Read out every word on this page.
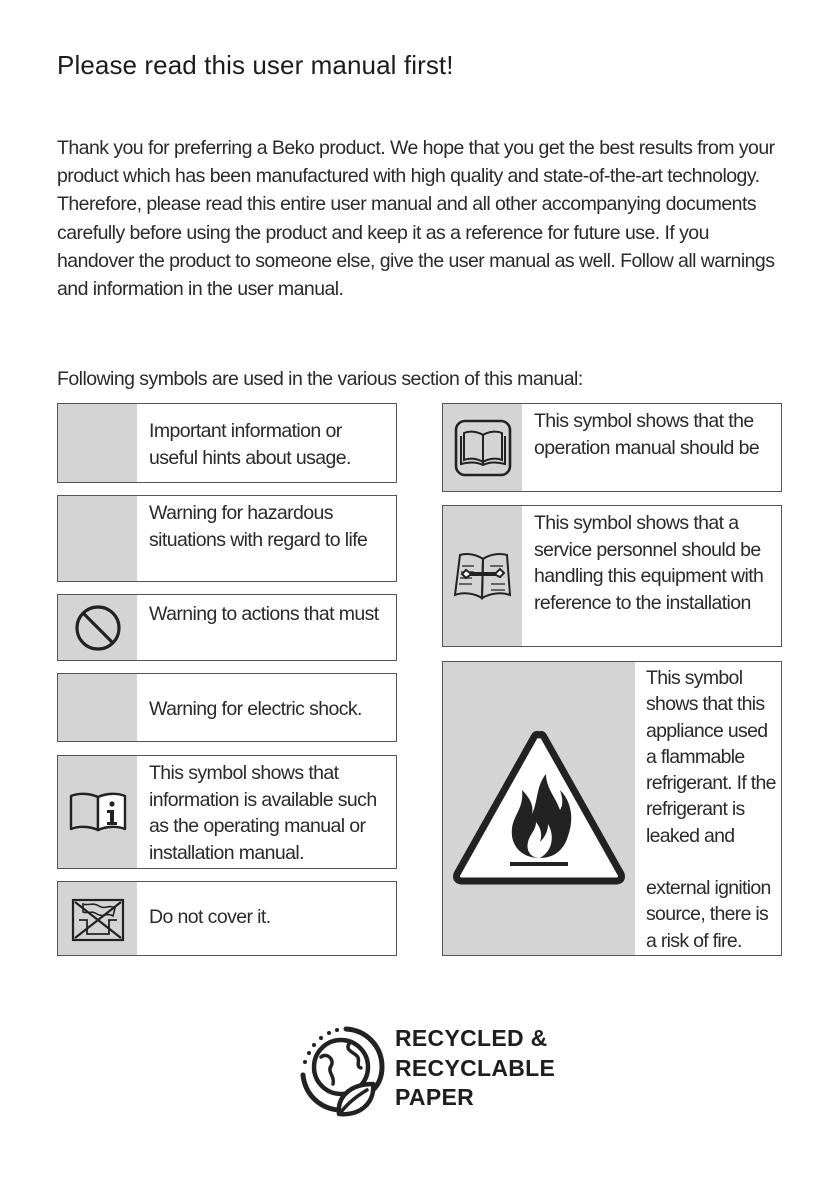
Please read this user manual first!

Thank you for preferring a Beko product. We hope that you get the best results from your product which has been manufactured with high quality and state-of-the-art technology. Therefore, please read this entire user manual and all other accompanying documents carefully before using the product and keep it as a reference for future use. If you handover the product to someone else, give the user manual as well. Follow all warnings and information in the user manual.

Following symbols are used in the various section of this manual:

Important information or useful hints about usage.

Warning for hazardous situations with regard to life

Warning to actions that must

Warning for electric shock.

This symbol shows that information is available such as the operating manual or installation manual.

Do not cover it.

This symbol shows that the operation manual should be

This symbol shows that a service personnel should be handling this equipment with reference to the installation

This symbol shows that this appliance used a flammable refrigerant. If the refrigerant is leaked and

external ignition source, there is a risk of fire.

RECYCLED &
RECYCLABLE
PAPER
